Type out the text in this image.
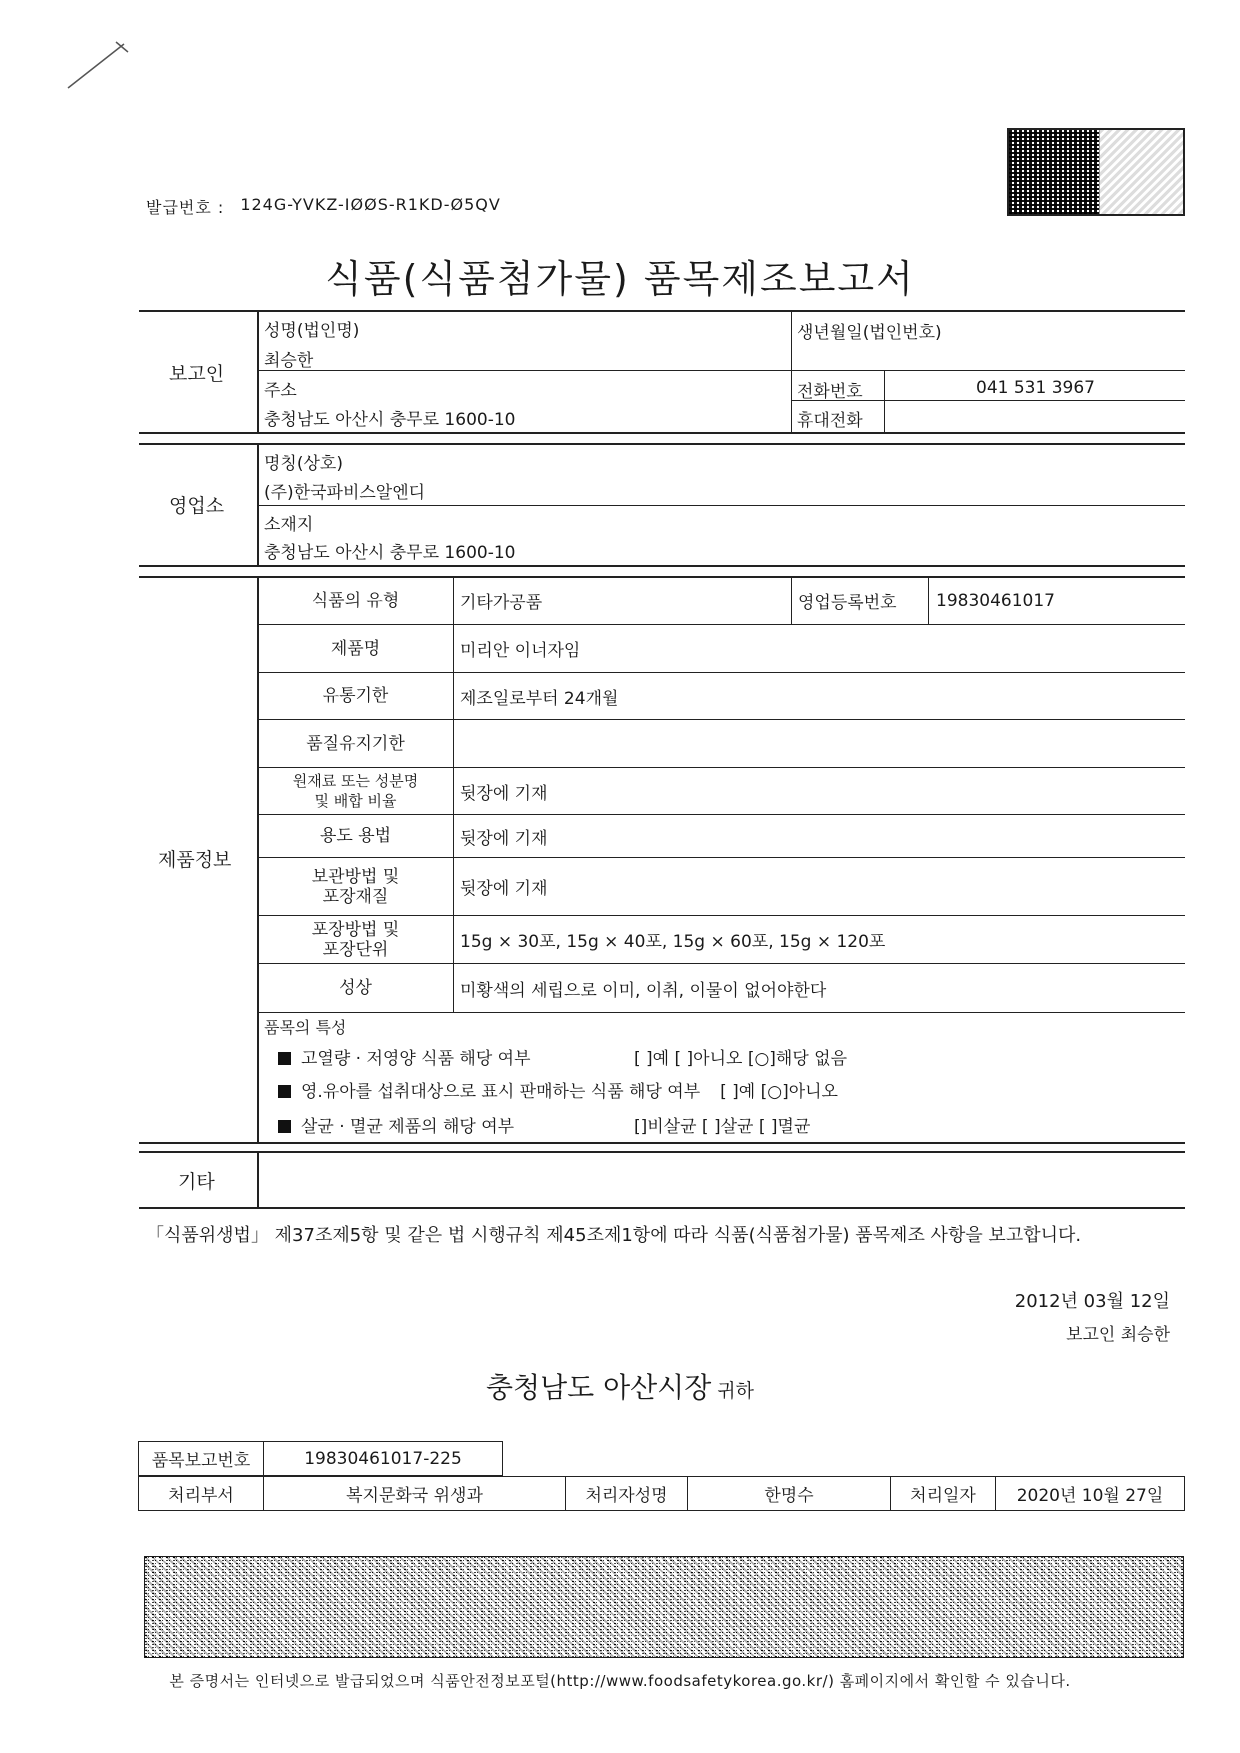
발급번호 : 124G-YVKZ-IØØS-R1KD-Ø5QV
식품(식품첨가물) 품목제조보고서
보고인
성명(법인명)
최승한
생년월일(법인번호)
주소
충청남도 아산시 충무로 1600-10
전화번호	041 531 3967
휴대전화
영업소
명칭(상호)
(주)한국파비스알엔디
소재지
충청남도 아산시 충무로 1600-10
제품정보
식품의 유형	기타가공품	영업등록번호 19830461017
제품명	미리안 이너자임
유통기한	제조일로부터 24개월
품질유지기한
원재료 또는 성분명
및 배합 비율	뒷장에 기재
용도 용법	뒷장에 기재
보관방법 및
포장재질	뒷장에 기재
포장방법 및
포장단위	15g × 30포, 15g × 40포, 15g × 60포, 15g × 120포
성상	미황색의 세립으로 이미, 이취, 이물이 없어야한다
품목의 특성
고열량 · 저영양 식품 해당 여부	[ ]예 [ ]아니오 [○]해당 없음
영.유아를 섭취대상으로 표시 판매하는 식품 해당 여부 [ ]예 [○]아니오
살균 · 멸균 제품의 해당 여부	[]비살균 [ ]살균 [ ]멸균
기타
「식품위생법」 제37조제5항 및 같은 법 시행규칙 제45조제1항에 따라 식품(식품첨가물) 품목제조 사항을 보고합니다.
2012년 03월 12일
보고인 최승한
충청남도 아산시장 귀하
품목보고번호	19830461017-225
처리부서	복지문화국 위생과	처리자성명	한명수	처리일자	2020년 10월 27일
본 증명서는 인터넷으로 발급되었으며 식품안전정보포털(http://www.foodsafetykorea.go.kr/) 홈페이지에서 확인할 수 있습니다.
